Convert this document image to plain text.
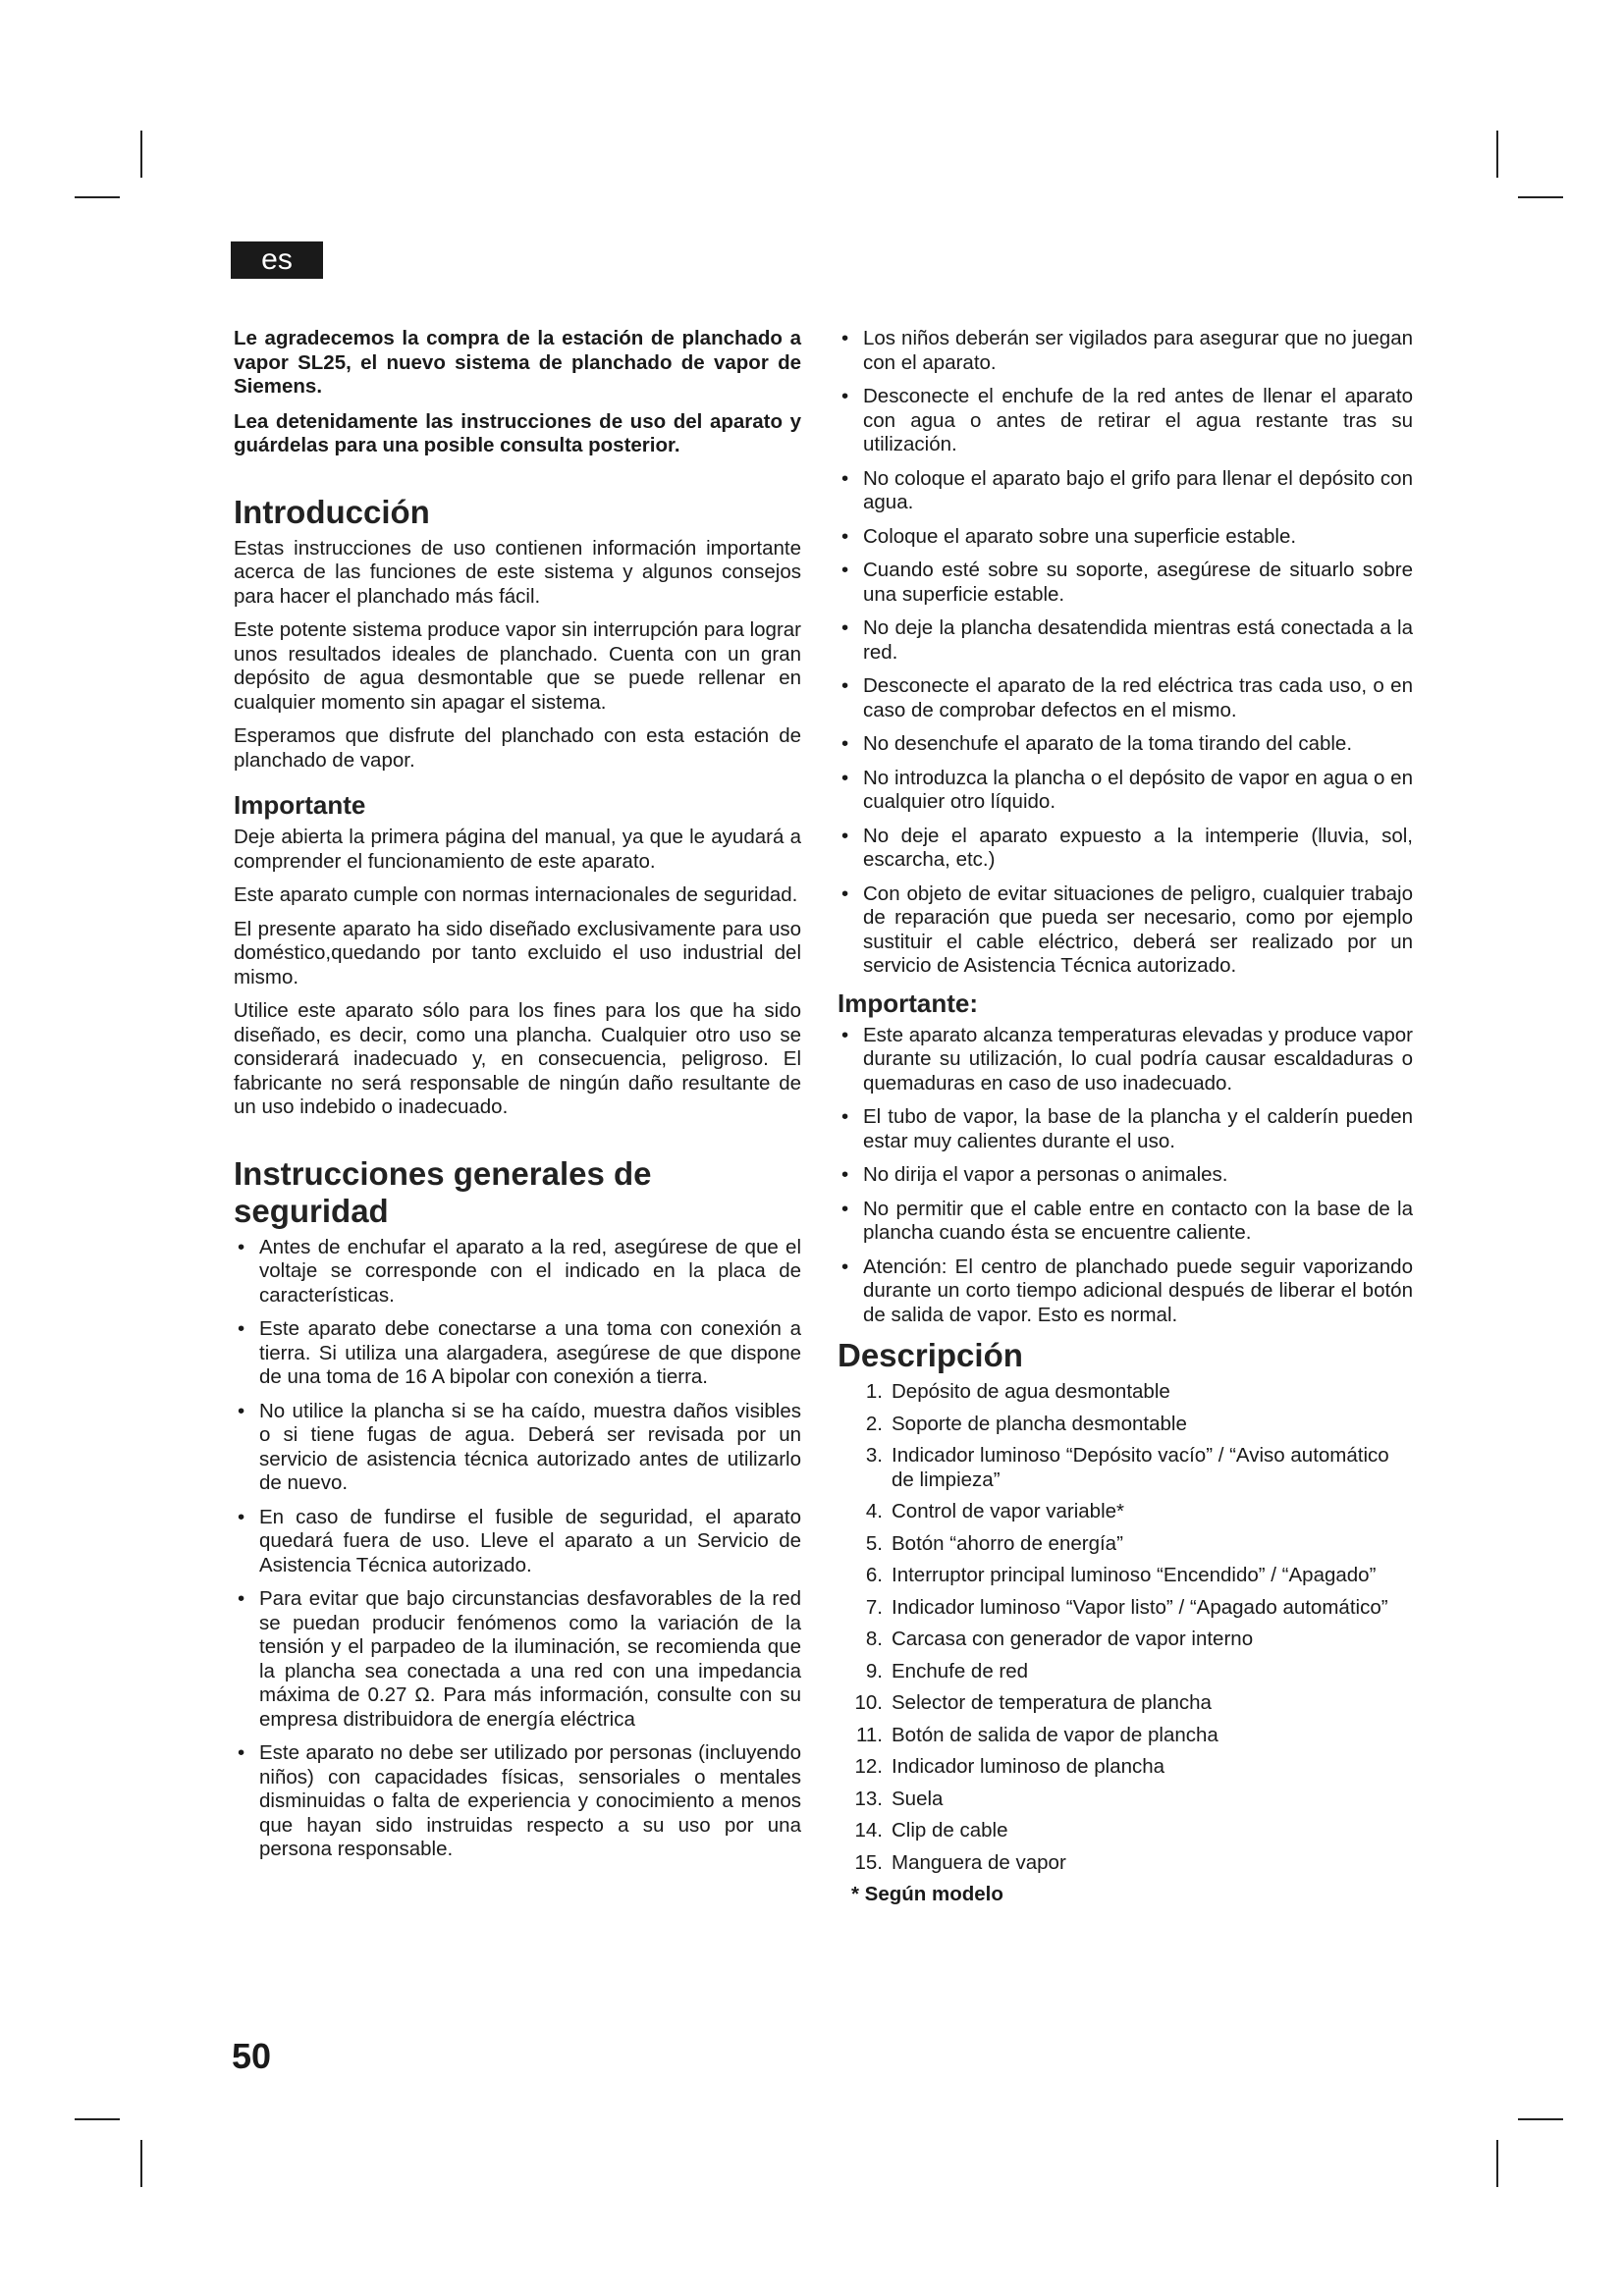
es

Le agradecemos la compra de la estación de planchado a vapor SL25, el nuevo sistema de planchado de vapor de Siemens.

Lea detenidamente las instrucciones de uso del aparato y guárdelas para una posible consulta posterior.

Introducción

Estas instrucciones de uso contienen información importante acerca de las funciones de este sistema y algunos consejos para hacer el planchado más fácil.

Este potente sistema produce vapor sin interrupción para lograr unos resultados ideales de planchado. Cuenta con un gran depósito de agua desmontable que se puede rellenar en cualquier momento sin apagar el sistema.

Esperamos que disfrute del planchado con esta estación de planchado de vapor.

Importante

Deje abierta la primera página del manual, ya que le ayudará a comprender el funcionamiento de este aparato.

Este aparato cumple con normas internacionales de seguridad.

El presente aparato ha sido diseñado exclusivamente para uso doméstico,quedando por tanto excluido el uso industrial del mismo.

Utilice este aparato sólo para los fines para los que ha sido diseñado, es decir, como una plancha. Cualquier otro uso se considerará inadecuado y, en consecuencia, peligroso. El fabricante no será responsable de ningún daño resultante de un uso indebido o inadecuado.

Instrucciones generales de seguridad
• Antes de enchufar el aparato a la red, asegúrese de que el voltaje se corresponde con el indicado en la placa de características.
• Este aparato debe conectarse a una toma con conexión a tierra. Si utiliza una alargadera, asegúrese de que dispone de una toma de 16 A bipolar con conexión a tierra.
• No utilice la plancha si se ha caído, muestra daños visibles o si tiene fugas de agua. Deberá ser revisada por un servicio de asistencia técnica autorizado antes de utilizarlo de nuevo.
• En caso de fundirse el fusible de seguridad, el aparato quedará fuera de uso. Lleve el aparato a un Servicio de Asistencia Técnica autorizado.
• Para evitar que bajo circunstancias desfavorables de la red se puedan producir fenómenos como la variación de la tensión y el parpadeo de la iluminación, se recomienda que la plancha sea conectada a una red con una impedancia máxima de 0.27 Ω. Para más información, consulte con su empresa distribuidora de energía eléctrica
• Este aparato no debe ser utilizado por personas (incluyendo niños) con capacidades físicas, sensoriales o mentales disminuidas o falta de experiencia y conocimiento a menos que hayan sido instruidas respecto a su uso por una persona responsable.
• Los niños deberán ser vigilados para asegurar que no juegan con el aparato.
• Desconecte el enchufe de la red antes de llenar el aparato con agua o antes de retirar el agua restante tras su utilización.
• No coloque el aparato bajo el grifo para llenar el depósito con agua.
• Coloque el aparato sobre una superficie estable.
• Cuando esté sobre su soporte, asegúrese de situarlo sobre una superficie estable.
• No deje la plancha desatendida mientras está conectada a la red.
• Desconecte el aparato de la red eléctrica tras cada uso, o en caso de comprobar defectos en el mismo.
• No desenchufe el aparato de la toma tirando del cable.
• No introduzca la plancha o el depósito de vapor en agua o en cualquier otro líquido.
• No deje el aparato expuesto a la intemperie (lluvia, sol, escarcha, etc.)
• Con objeto de evitar situaciones de peligro, cualquier trabajo de reparación que pueda ser necesario, como por ejemplo sustituir el cable eléctrico, deberá ser realizado por un servicio de Asistencia Técnica autorizado.
Importante:
• Este aparato alcanza temperaturas elevadas y produce vapor durante su utilización, lo cual podría causar escaldaduras o quemaduras en caso de uso inadecuado.
• El tubo de vapor, la base de la plancha y el calderín pueden estar muy calientes durante el uso.
• No dirija el vapor a personas o animales.
• No permitir que el cable entre en contacto con la base de la plancha cuando ésta se encuentre caliente.
• Atención: El centro de planchado puede seguir vaporizando durante un corto tiempo adicional después de liberar el botón de salida de vapor. Esto es normal.
Descripción
1. Depósito de agua desmontable
2. Soporte de plancha desmontable
3. Indicador luminoso “Depósito vacío” / “Aviso automático de limpieza”
4. Control de vapor variable*
5. Botón “ahorro de energía”
6. Interruptor principal luminoso “Encendido” / “Apagado”
7. Indicador luminoso “Vapor listo” / “Apagado automático”
8. Carcasa con generador de vapor interno
9. Enchufe de red
10. Selector de temperatura de plancha
11. Botón de salida de vapor de plancha
12. Indicador luminoso de plancha
13. Suela
14. Clip de cable
15. Manguera de vapor
* Según modelo
50
